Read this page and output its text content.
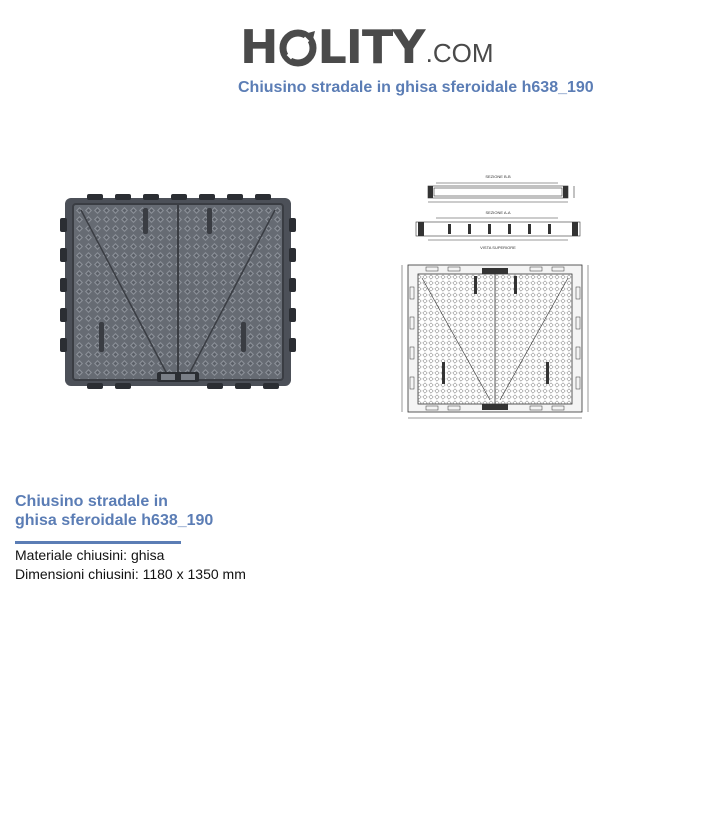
H LITY .COM
Chiusino stradale in ghisa sferoidale h638_190
SEZIONE B-B
SEZIONE A-A
VISTA SUPERIORE
Chiusino stradale in
ghisa sferoidale h638_190
Materiale chiusini: ghisa
Dimensioni chiusini: 1180 x 1350 mm
